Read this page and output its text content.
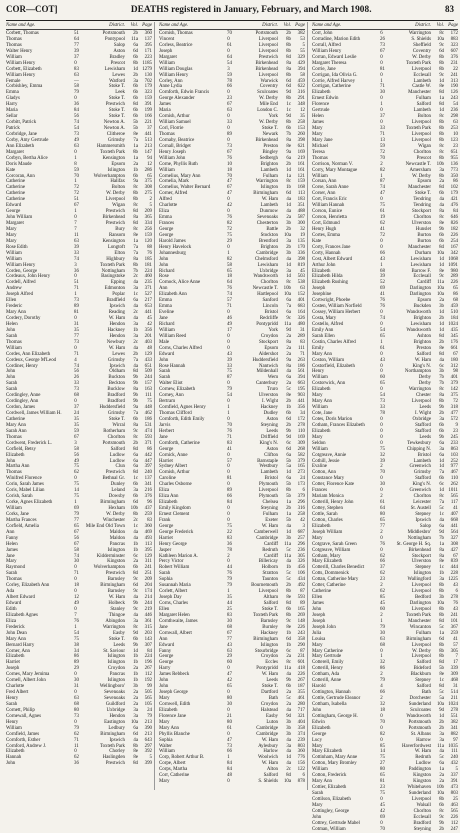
COR—COT]	DEATHS registered in January, February, and March 1908.	83
Name and Age.	District.	Vol. Page
Corbett, Thomas	51	Portsmouth	2b	360
Thomas	64	Pontypool	11a	137
Thomas	77	Salop	6a	395
Walter Henry	39	Aston	6d	171
William	37	Bradley	6b	223
William Henry	0	Prescot	8b 1185
Corbett, Elizabeth	83	Lewisham	1d 1279
William Henry	63	Lewes	2b	130
Female	—	Watford	3a	702
Corbishley, Emma	58	Stoke T.	6b	179
Emma	79	Leek	6b	323
Gladys	0	Stoke T.	6b	159
Harry	36	Prestwich	8d	391
Maria	84	Stoke T.	6b	199
Sellar	56	Stoke T.	6b	166
Corbitt, Patrick	74	Newton A.	5b	221
Patrick	54	Newton A.	5b	37
Corbridge, Jane	73	Clitheroe	8e	441
Corby, Amy Gertrude	49	Grimsby	7a	513
Ann Elizabeth	63	Hammersmith	1a	213
Margaret	0	Toxteth Park	8b	147
Corbyn, Bertha Alice	1	Kensington	1a	94
Doris Maude	8	Epsom	2a	12
Kate	59	Islington	1b	286
Corcoran, Ann	70	Wolverhampton	6b	65
Catherine	1	Halifax	9a	375
Catherine	72	Bolton	8c	308
Catherine	72	W. Derby	8b	275
Catherine	51	Liverpool	8b	2
Edward	67	Wigan	8c	5
George	1	Prestwich	8d	209
John William	0	Birkenhead	8a	365
Margaret	7	Prestwich	8d	334
Mary	7	Bury	8c	256
Mary	11	Ransom	8e	159
Mary	63	Kensington	1a	120
Rose Edith	39	Longtoft	7a	88
William	33	Elton	7a	76
William	74	Highbury	8a	185
William Henry	3	Toxteth Park	8b	181
Corden, George	36	Nottingham	7b	224
Cordeaux, John Henry	0	Basingstoke	2c	460
Cordell, Alfred	51	Epping	4a	235
Andrew	71	Edmonton	3a	371
Joseph Alfred	1	Poplar	1c	527
Ellen	73	Bradfield	6a	217
Frederic	89	Ipswich	4a	653
Mary Ann	81	Reading	2c	441
Cordery, Dorothy	0	W. Ham	4a	45
Helen	31	Hendon	3a	42
John	35	Hackney	1b	356
Sarah	77	Hendon	3a	201
Thomas	73	Newbury	2c	403
William	0	W. Ham	4a	48
Cordes, Ann Elizabeth	71	Lewes	2b	129
Cordeux, George M'Leod	4	Grimsby	7a	433
Cordiner, Henry	74	Ipswich	4a	651
John	56	Oldham	8d	509
John	26	Buckton	9b	244
Sarah	33	Beckton	9b	157
Sarah	73	Bucklow	8a	163
Cordingley, Anne	68	Bradford	9b	111
Cordingley, Ann	0	Bradford	9b	75
Cordon, James	37	Huddersfield	9a	448
Cordwell, James William H.	24	Grimsby	7a	462
Catherine	35	Stoke T.	6b	186
Mary Ann	35	Wirral	8a	531
Sarah Ann	59	Rotherham	9c	474
Thomas	67	Chorlton	8c	593
Cordwent, Frederick L.	3	Portsmouth	2b	371
Corfield, Betsy	58	Salford	8d	86
Elizabeth	56	Ludlow	6a	442
John	49	Ludlow	6a	447
Martha Ann	75	Clun	6a	397
Thomas	62	Prestwich	8d	240
Winifred Florence	0	Bethnal Gr.	1c	137
Corin, Sarah James	75	Dunley	6b	341
Coris, Mabel Lilian	14	Leland	3a	216
Corish, Sarah	75	Dowsby	6b	376
Corke, Agnes Elizabeth	1	Birmingham	6d	96
William	69	Hexham	10b	437
Corks, Jane	79	W. Derby	8b	259
Martha Frances	77	Winchester	2c	83
Corfield, Amelia	65	Mile End Old Town	1c	360
Ann	67	Maldon	4a	469
Fanny	56	Maldon	4a	493
Helen	67	Pancras	1b	113
James	58	Islington	1b	395
Jane	74	Kidderminster	6c	129
Mary	30	Kingston	2a	311
Raymond	0	Wolverhampton	6b	241
Sarah	71	Prestwich	8d	251
Thomas	0	Barnsley	9c	209
Corley, Elizabeth Ann	18	Birmingham	6d	204
Ada	0	Barnsley	9c	174
Albert Edward	12	W. Ham	4a	214
Edward	49	Holbeck	9b	244
Edith	0	Stanley	9c	219
Elizabeth Agnes	7	Thingoe	4a	446
Eliza	76	Abingdon	3a	361
Frederick	1	Warrington	8c	315
John Dean	54	Easby	9d	203
Mary Ann	75	Stoke T.	6b	143
Bernard Harry	38	Leeds	9b	307
Corner, Ann	34	St. Saviour	1d	84
Elizabeth	86	Islington	1b	224
Harriet	89	Islington	1b	196
Joseph	29	Croydon	2a	267
Cornes, Mary Jemima	0	Pancras	1b	112
Cornell, Albert John	30	Islington	1b	192
Charlotte	31	Wellingboro'	3b	99
Fred Albert	0	Sevenoaks	2a	505
Henry	63	Sevenoaks	2a	565
Sarah	68	Guildford	2a	105
Cornett, Philip	80	Uxbridge	3a	24
Cornewall, Agnes	73	Hendon	3a	79
Henry	0	Eastington	10a	213
William	79	Ledbury	6a	390
Cornfield, James	62	Birmingham	6d	213
Cornforth, Esther	71	Ipswich	4a	643
Cornford, Andrew J.	11	Toxteth Park	8b	297
Elizabeth	0	Chorley	8e	392
Hannah	62	Haslingden	8e	5
John	36	Prestwich	8d	399
Name and Age.	District.	Vol. Page
Cornish, Thomas	70	Portsmouth	2b	382
Vincent	0	Liverpool	8b	53
Corless, Beatrice	61	Liverpool	8b	5
Joseph	0	Liverpool	8b	55
Margaret	64	Prestwich	8d	329
William	54	Birkenhead	8a	429
William Douglas	3	Birkenhead	8a	394
William Henry	59	Liverpool	8b	58
Corley, Ann	78	Warwick	6d	459
Anne Lydia	66	Coventry	6d	622
Cornforth, Edwin Francis	0	Sculcoates	9d	316
George Alexander	23	W. Derby	8b	291
James	67	Mile End	1c	348
Maria	63	London C.	1c	12
Cornish, Arthur	0	York	9d	35
William Samuel	33	W. Derby	8b	258
Corl, Florrie	0	Stoke T.	6b	153
Thomas	89	Newark	7b	260
Cornaby, Beatrice	0	Birkenhead	8a	398
Cornall, Bridget	73	Preston	8e	621
Henry Joseph	67	Bingley	9a	169
William John	76	Sedbergh	6a	219
Corne, Phyllis Ruth	10	Brighton	2b	161
William	18	Lambeth	1d	161
Cornelius, Mary Ann	70	Fulham	1a	121
Cornelia, Mark	47	Warrington	8c	159
Cornelius, Walter Bernard	67	Islington	1b	168
Corner, Alfred	47	Birmingham	6d	113
Alfred	0	W. Ham	4a	183
Charlotte	42	Lambeth	1d	351
Eliza	0	Dunmow	4a	488
Emma	76	Sevenoaks	2a	587
Frances	82	Chesterton	3b	300
George	72	Battle	2b	32
George	75	Stockton	10a	19
Harold James	29	Brentford	3a	135
Henry Havelock	0	Brighton	2b	170
Johannesburg	1	Cambridge	3b	336
John	82	Chelmsford	4a	398
John	58	Lewisham	1d	819
Richard	65	Uxbridge	3a	45
Rose	18	Wandsworth	1d	503
Cornock, Alice Anne	64	Chorlton	8c	538
Ann	76	Newcastle T.	10b	63
Elizabeth Ann	74	Hartlepool	10a	152
Emma	57	Sanford	6a	401
Emma	71	Lincoln	7a	683
Eveline	0	Bristol	6a	164
Jane	46	Redcliffe	9c	326
Richard	49	Pontypridd	11a	480
William	17	York	9d	31
William Reed	0	Croydon	2a	289
Male	0	Stockport	8a	83
Corns, Charles Alfred	0	Epsom	2a	111
Edward	43	Aldershot	2a	71
John	39	Huddersfield	9a	263
Rose Hannah	33	Nantwich	8a	186
Sarah	75	Mildenhall	4a	561
Sarah	87	Wem	6a	394
Walter Eliot	0	Canterbury	2a	663
Cornew, Elizabeth	79	Truro	5c	195
Corney, Ann	54	Ulverston	8e	903
Bertram	0	I. Wight	2b	441
Cornfield, Agnes Henry	1	Hackney	1b	356
Thomas Clifford	1	Dudley	6b	34
Cornforth, Edith Emily	0	Aston	6d	172
Jarvis	70	Steyning	2b	278
Herbert	76	Leeds	9b	110
Jane	71	Driffield	9d	169
Cornforth, Catherine	83	King's N.	6c	309
George	41	Aston	6d	268
Cornick, Anne	0	Clifton	6a	582
Harriet	57	Barnstaple	5b	379
Sydney Albert	0	Westbury	5a	165
Cornish, Arthur	0	Lambeth	1d	273
Caroline	81	Bristol	6a	24
Charles Osborne	0	Plymouth	5b	173
Eliza	89	Liverpool	8b	6
Eliza Ann	66	Plymouth	5b	379
Elizabeth	84	Chelsea	1a	296
Emily Kingdom	0	Steyning	2b	316
Ernest Clement	0	Fulham	1a	258
Frank	0	Exeter	5b	42
George	75	W. Ham	4a	3
George Frederick	22	Camberwell	1d	687
Harriet	83	Cambridge	3b	257
Henry George	36	Cardiff	11a	296
Jasper	78	Redruth	5c	236
Kathleen Marion A.	2	Cardiff	11a	305
Percy Victor	0	Billericay	4a	326
Robert William	44	Holborn	1b	456
Sarah	76	Stratton	5c	106
Sophia	79	Taunton	5c	434
Susannah Maria	79	Bournemouth	2b	492
Corlett, Albert	1	Liverpool	8b	87
Joseph Day	35	Altham	8e	593
Corns, Charles	44	Salford	8d	89
Ellen	25	Stoke T.	6b	165
Margaret Helen	83	Toxteth Park	8b	269
Cornthwaite, James	30	Barnsley	9c	148
Jane	68	Burnley	8e	226
Cornwall, Albert	67	Hackney	1b	243
Ann	77	Birmingham	6d	358
Edward	43	Islington	1b	290
Fanny	63	Stourbridge	6c	87
George	29	Croydon	2a	231
George	60	Eccles	8c	601
Harry	0	Pontypridd	11a	418
James Rebbeck	47	W. Ham	4a	226
John	42	Leeds	9b	267
John	65	Stoke T.	6b	187
Joseph George	0	Dartford	2a	355
Mary	80	Bath	5c	461
Cornwell, Edith	30	Croydon	2a	280
Elizabeth	0	Halstead	4a	717
Florence Jane	21	Easby	9d	321
Mary	80	Luton	3b	404
Mary Ann	61	Cambridge	3b	358
Phyllis Blanche	0	Cambridge	3b	374
Sophia	47	W. Ham	4a	239
Walter	73	Aylesbury	3a	803
William	66	Harlow	4a	360
Corp, Robert Arthur B.	1	Woolwich	1d	776
Corpe, Albert	84	W. Ham	4a	156
Corps, Martha	84	Alton	2c	122
Corr, Catherine	48	Salford	8d	6
Mary	0	S. Shields	10a	878
Name and Age.	District.	Vol. Page
Corr, John	6	Warrington	8c	172
Corradine, Marion Edith	26	S. Shields	10a	883
Corrall, Alfred	73	Sheffield	9c	323
William Henry	67	Coventry	6d	607
Corran, Edward Leslie	0	W. Derby	8b	376
Margaret Theresa	0	Toxteth Park	8b	231
Corrie, Jane	81	Liverpool	8b	22
Corrigan, Ida Olivia G.	0	Ecclesall	9c	241
Corrie, Alfred Harvey	1	Lambeth	1d	313
Corrigan, Catherine	71	Castle W.	8e	190
Elizabeth	30	Manchester	8d	126
Ernest Edwin	0	Fulham	1a	243
Florence	1	Salford	8d	54
Gertrude	0	Lambeth	1d	236
Helen	37	Bolton	8c	298
James	0	Liverpool	8b	63
Mary	33	Toxteth Park	8b	253
Mary	71	Liverpool	8b	10
Mary Jane	13	Liverpool	8b	123
Michael	59	Wigan	8c	23
Teresa	72	Chorlton	8c	651
Thomas	70	Prescot	8b	955
Corrison, Norman V.	2	Newcastle T.	10b	136
Corry, Mary Montague	82	Amersham	3a	773
William	1	W. Derby	8b	350
Corsan, Ann	87	Epsom	2a	86
Corse, Sarah Anne	74	Manchester	8d	102
Corser, Ann	47	Stoke T.	6b	179
Cort, Francis Eric	0	Tendring	4a	421
William Hannah	75	Tendring	4a	476
Corson, Eunice	61	Stockport	8a	84
Corson, Henrietta	19	Chorlton	8c	646
Cort, Edmund	62	Ulverston	8e	826
Henry Hugh	41	Hunslet	9b	182
Cortes, Emma	72	Burton	6b	226
Kate	0	Burton	6b	254
Corty, Frances Jane	0	Manchester	8d	167
Corty, Hannah	66	Durham	10a	342
Cost, Albert Edward	43	Lewisham	1d 1068
Arthur John	1	Lewisham	1d 1091
Elizabeth	68	Barrow F.	8e	980
Elizabeth Hilda	39	Ecclesall	9c	289
Elizabeth Rushing	52	Cardiff	11a	226
Joseph	69	Darlington	10a	65
Josephine	41	Darlington	10a	86
Cortwright, Phoebe	76	Epsom	2a	68
Costen, William Norfield	76	Buckden	3b	459
Cossey, William Herbert	0	Wandsworth	1d	510
Costa, Mary	74	Brighton	2b	184
Costello, Alfred	0	Lewisham	1d 1024
Emily Ann	54	Wandsworth	1d	435
Sarah Ellen	65	Ashton	8d	345
Costin, Charles Alfred	1	Brighton	2b	176
Emily	61	Preston	8e	661
Mary Ann	0	Salford	8d	67
Coston, William	43	W. Ham	4a	180
Costorfield, Elizabeth	0	King's N.	6c	312
Henry	0	Northampton	3b	98
William	60	Derby	7b	401
Costorwick, Ann	65	Derby	7b	379
Elizabeth	0	Warrington	8c	142
Mary	54	Chester	8a	375
Mary Ann	73	Liverpool	8b	72
William	33	Leeds	9b	318
Cote, Jane	78	I. Wight	2b	477
Cotes, Doris Marion	0	Oxbridge	3a	572
Cotham, Frances Elizabeth	0	Stafford	6b	9
Elizabeth	0	Stafford	6b	23
Mary	0	Leeds	9b	245
Seldon	0	Tewkesbury	6a	233
William	75	Chipping N.	3a	863
Cotgreave, Annie	32	Bristol	6a	103
Cothill, Jessie	39	Lambeth	1d	252
Evaline	2	Greenwich	1d	977
Cotton, Ann	70	Grimsby	7a	467
Constance Mary	0	Stafford	6b	110
Cotter, Florence Kate	30	King's N.	6c	262
Frances	0	Greenwich	1d 1011
Mariam Monica	2	Chorlton	8c	565
Cotterill, Henry John	61	Leicester	7a	117
Cottey, Stephen	64	St. Austell	5c	41
Cottle, Sarah	80	Stepney	1c	407
Cotton, Charles	65	Ipswich	4a	668
Elizabeth	77	Salop	6a	441
Joseph William	2	Middlesbro'	9d	564
Mary	0	Nottingham	7b	327
Cotgrave, Sarah Green	76	St. George H. Sq.	1a	308
Cotgreave, William	0	Birkenhead	8a	427
Cotham, Mary	62	Stockport	8a	67
Mary Elizabeth	66	Ulverston	8e	839
Cotterill, Charles Benedict	37	Stepney	1c	444
Cotts, Dommenick	62	Islington	1b	228
Cottan, Catherine Mary	23	Wallingford	3a 1225
Cotter, Catherine	2	Liverpool	8b	43
Catherine	62	Liverpool	8b	6
Ellen	85	Bedford	3b	278
James	45	Darlington	10a	76
John	60	Liverpool	8b	43
Joseph	2	Toxteth Park	8b	241
Joseph	1	Manchester	8d	101
Joseph John	79	Wincanton	5c	367
Julia	30	Fulham	1a	259
Louisa	63	Birmingham	6d	41
Mary	68	Liverpool	8b	57
Mary Catherine	0	W. Derby	8b	305
Mary Gertrude	1	Liverpool	8b	7
Cotterell, Emily	32	Salford	8d	17
Cotterill, Henry	86	Bideford	5b	339
Cottham, Ada	2	Blackburn	8e	309
Cotterill, Anne	79	Stepney	1c	468
Harold	4	Salford	8d	31
Cottington, Hannah	66	Bath	5c	514
Cottle, Gertrude Eleanor	2	Dorchester	5a	211
Cottham, Isabella	32	Sunderland	10a 1024
John	18	Sculcoates	9d	278
Cottingham, George H.	0	Wandsworth	1d	551
Edwin	70	Portsmouth	2b	382
Elizabeth	0	Portsmouth	2b	341
George	82	St. Albans	3a	882
Lucy	0	Harrow	3a	97
Mary	85	Haverfordwest	11a 1035
Mary Elizabeth	14	W. Ham	4a	111
Cottinham, Mary Anne	75	Redruth	5c	240
Cotton, Mary Bromley	27	Ludlow	6a	432
William	80	Paddington	1a	5
Cotton, Frederick	65	Kingston	2a	337
Mary Ann	81	Kingston	2a	391
Cottier, Elizabeth	23	Whitehaven	10b	473
Sarah	75	Sunderland	10a	803
Cottilson, Elizabeth	0	Liverpool	8b	25
Mary	45	Walsall	6b	463
Cottingley, George	42	Chorlton	8c	565
John	69	Ecclesall	9c	226
Cottrey, Gertrude Mabel	0	Bradford	9b	112
Cotman, William	70	Steyning	2b	247
